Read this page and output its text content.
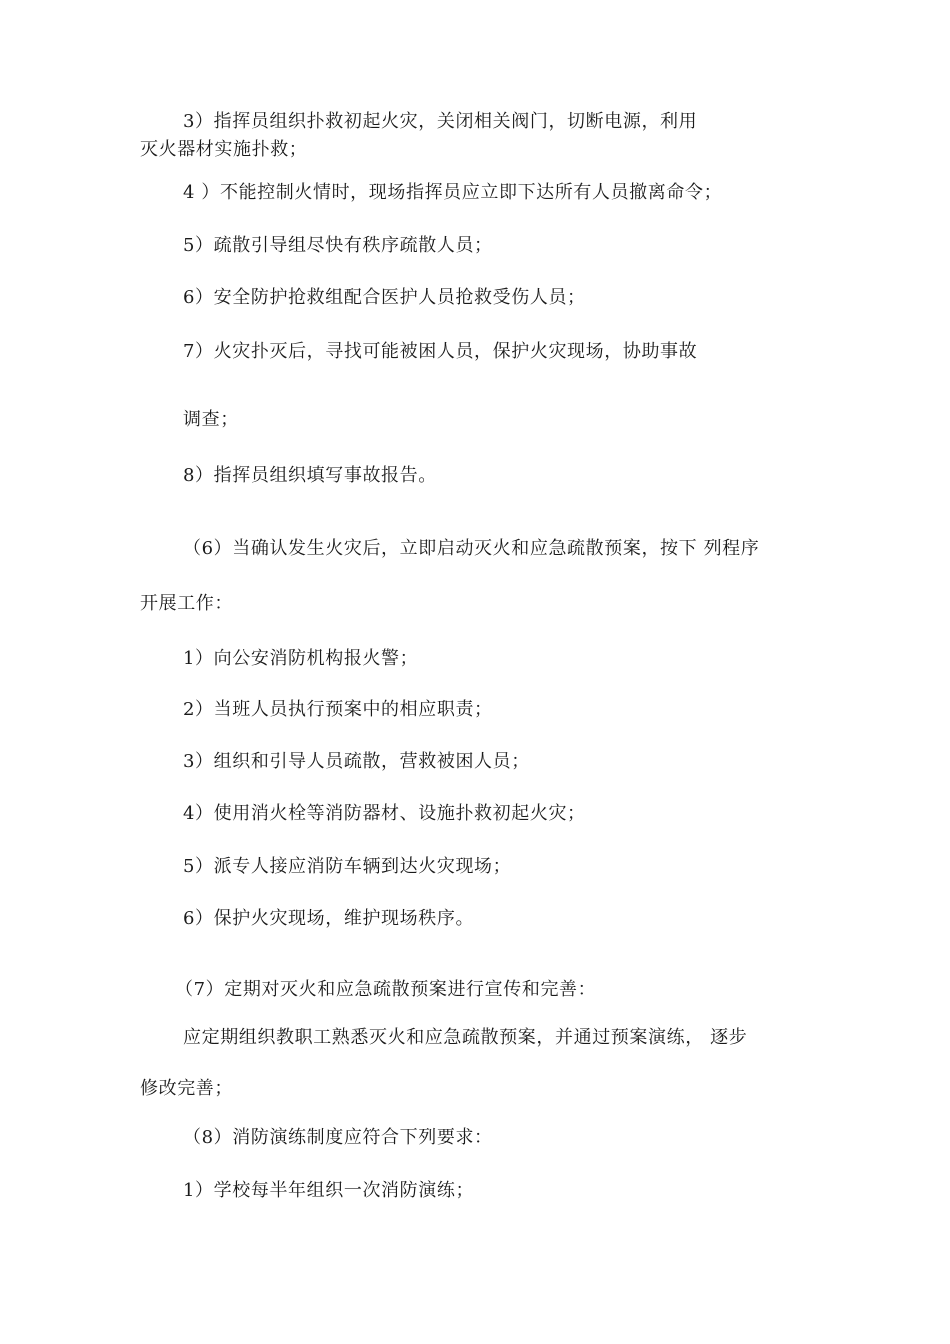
3）指挥员组织扑救初起火灾，关闭相关阀门，切断电源，利用
灭火器材实施扑救；
4 ）不能控制火情时，现场指挥员应立即下达所有人员撤离命令；
5）疏散引导组尽快有秩序疏散人员；
6）安全防护抢救组配合医护人员抢救受伤人员；
7）火灾扑灭后，寻找可能被困人员，保护火灾现场，协助事故
调查；
8）指挥员组织填写事故报告。
（6）当确认发生火灾后，立即启动灭火和应急疏散预案，按下 列程序
开展工作：
1）向公安消防机构报火警；
2）当班人员执行预案中的相应职责；
3）组织和引导人员疏散，营救被困人员；
4）使用消火栓等消防器材、设施扑救初起火灾；
5）派专人接应消防车辆到达火灾现场；
6）保护火灾现场，维护现场秩序。
（7）定期对灭火和应急疏散预案进行宣传和完善：
应定期组织教职工熟悉灭火和应急疏散预案，并通过预案演练， 逐步
修改完善；
（8）消防演练制度应符合下列要求：
1）学校每半年组织一次消防演练；
